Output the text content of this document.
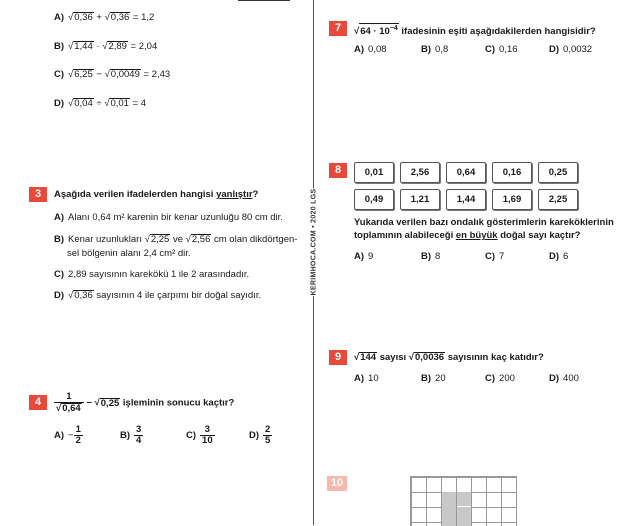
A) √0,36 + √0,36 = 1,2
B) √1,44 · √2,89 = 2,04
C) √6,25 − √0,0049 = 2,43
D) √0,04 ÷ √0,01 = 4
3	Aşağıda verilen ifadelerden hangisi yanlıştır?
A) Alanı 0,64 m² karenin bir kenar uzunluğu 80 cm dir.
B) Kenar uzunlukları √2,25 ve √2,56 cm olan dikdörtgen-
sel bölgenin alanı 2,4 cm² dir.
C) 2,89 sayısının karekökü 1 ile 2 arasındadır.
D) √0,36 sayısının 4 ile çarpımı bir doğal sayıdır.
4	$\frac{1}{√0,64} - √0,25$ işleminin sonucu kaçtır?
$A) - \frac{1}{2}$	$B) \frac{3}{4}$	$C) \frac{3}{10}$	$D) \frac{2}{5}$
KERIMHOCA.COM • 2020 LGS
7	$√64 \cdot 10^{-4}$ ifadesinin eşiti aşağıdakilerden hangisidir?
A) 0,08	B) 0,8	C) 0,16	D) 0,0032
8	0,01	2,56	0,64	0,16	0,25
0,49	1,21	1,44	1,69	2,25
Yukarıda verilen bazı ondalık gösterimlerin kareköklerinin
toplamının alabileceği en büyük doğal sayı kaçtır?
A) 9	B) 8	C) 7	D) 6
9	√144 sayısı √0,0036 sayısının kaç katıdır?
A) 10	B) 20	C) 200	D) 400
10
